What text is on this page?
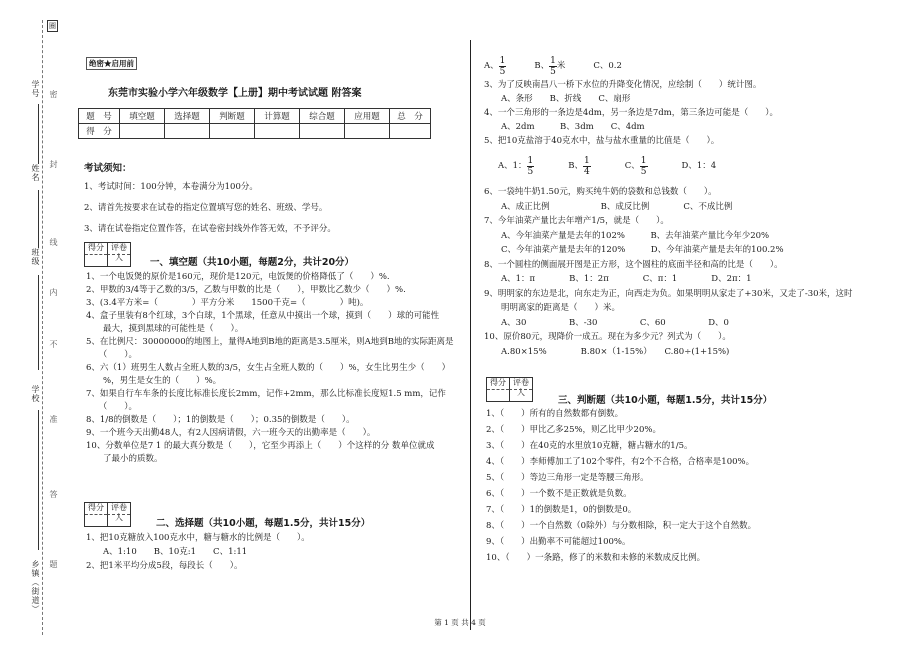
圈
学号
姓名
班级
学校
乡镇（街道）
密
封
线
内
不
准
答
题
绝密★启用前
东莞市实验小学六年级数学【上册】期中考试试题 附答案
题　号	填空题	选择题	判断题	计算题	综合题	应用题	总　分
得　分							
考试须知：
1、考试时间：100分钟，本卷满分为100分。
2、请首先按要求在试卷的指定位置填写您的姓名、班级、学号。
3、请在试卷指定位置作答，在试卷密封线外作答无效，不予评分。
得分 评卷人	一、填空题（共10小题，每题2分，共计20分）
1、一个电饭煲的原价是160元，现价是120元，电饭煲的价格降低了（　　）%.
2、甲数的3/4等于乙数的3/5，乙数与甲数的比是（　　），甲数比乙数少（　　）%.
3、(3.4平方米=（　　　　）平方分米　　1500千克=（　　　　）吨)。
4、盒子里装有8个红球，3个白球，1个黑球，任意从中摸出一个球，摸到（　　）球的可能性
　　最大，摸到黑球的可能性是（　　）。
5、在比例尺：30000000的地图上，量得A地到B地的距离是3.5厘米，则A地到B地的实际距离是
　　（　　）。
6、六（1）班男生人数占全班人数的3/5，女生占全班人数的（　　）%，女生比男生少（　　）
　　%，男生是女生的（　　）%。
7、如果自行车车条的长度比标准长度长2mm，记作+2mm，那么比标准长度短1.5 mm，记作
　　（　　）。
8、1/8的倒数是（　　）；1的倒数是（　　）；0.35的倒数是（　　）。
9、一个班今天出勤48人，有2人因病请假，六一班今天的出勤率是（　　）。
10、分数单位是7 1 的最大真分数是（　　），它至少再添上（　　）个这样的分 数单位就成
　　了最小的质数。
得分 评卷人
二、选择题（共10小题，每题1.5分，共计15分）
1、把10克糖放入100克水中，糖与糖水的比例是（　　）。
　　A、1:10　　B、10克:1　　C、1:11
2、把1米平均分成5段，每段长（　　）。
A、 $\frac{1}{5}$	B、 $\frac{1}{5}$ 米	C、0.2
3、为了反映南昌八一桥下水位的升降变化情况，应绘制（　　）统计图。
　　A、条形　　B、折线　　C、扇形
4、一个三角形的一条边是4dm，另一条边是7dm，第三条边可能是（　　）。
　　A、2dm　　　B、3dm　　C、4dm
5、把10克盐溶于40克水中，盐与盐水重量的比值是（　　）。
A、1： $\frac{1}{5}$	B、 $\frac{1}{4}$	C、 $\frac{1}{5}$	D、1：4
6、一袋纯牛奶1.50元，购买纯牛奶的袋数和总钱数（　　）。
　　A、成正比例　　　　　　B、成反比例　　　　C、不成比例
7、今年油菜产量比去年增产1/5，就是（　　）。
　　A、今年油菜产量是去年的102%　　　B、去年油菜产量比今年少20%
　　C、今年油菜产量是去年的120%　　　D、今年油菜产量是去年的100.2%
8、一个圆柱的侧面展开图是正方形，这个圆柱的底面半径和高的比是（　　）。
　　A、1：π　　　　B、1：2π　　　　C、π：1　　　　D、2π：1
9、明明家的东边是北，向东走为正，向西走为负。如果明明从家走了+30米，又走了-30米，这时
　　明明离家的距离是（　　）米。
　　A、30　　　　　B、-30　　　　　C、60　　　　　D、0
10、原价80元，现降价一成五。现在为多少元？列式为（　　）。
　　A.80×15%　　　　B.80×（1-15%）　　C.80÷(1+15%)
得分 评卷人
三、判断题（共10小题，每题1.5分，共计15分）
1、（　　）所有的自然数都有倒数。
2、（　　）甲比乙多25%，则乙比甲少20%。
3、（　　）在40克的水里放10克糖，糖占糖水的1/5。
4、（　　）李师傅加工了102个零件，有2个不合格，合格率是100%。
5、（　　）等边三角形一定是等腰三角形。
6、（　　）一个数不是正数就是负数。
7、（　　）1的倒数是1，0的倒数是0。
8、（　　）一个自然数（0除外）与分数相除，积一定大于这个自然数。
9、（　　）出勤率不可能超过100%。
10、（　　）一条路，修了的米数和未修的米数成反比例。
第 1 页 共 4 页
